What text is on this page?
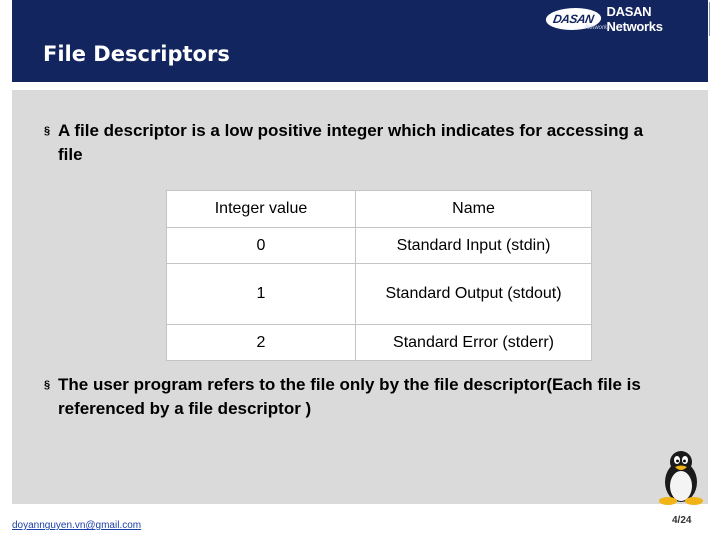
File Descriptors
DASAN DASAN Networks
Networks
§ A file descriptor is a low positive integer which indicates for accessing a file
Integer value	Name
0	Standard Input (stdin)
1	Standard Output (stdout)
2	Standard Error (stderr)
§ The user program refers to the file only by the file descriptor(Each file is referenced by a file descriptor )
doyannguyen.vn@gmail.com	4/24
